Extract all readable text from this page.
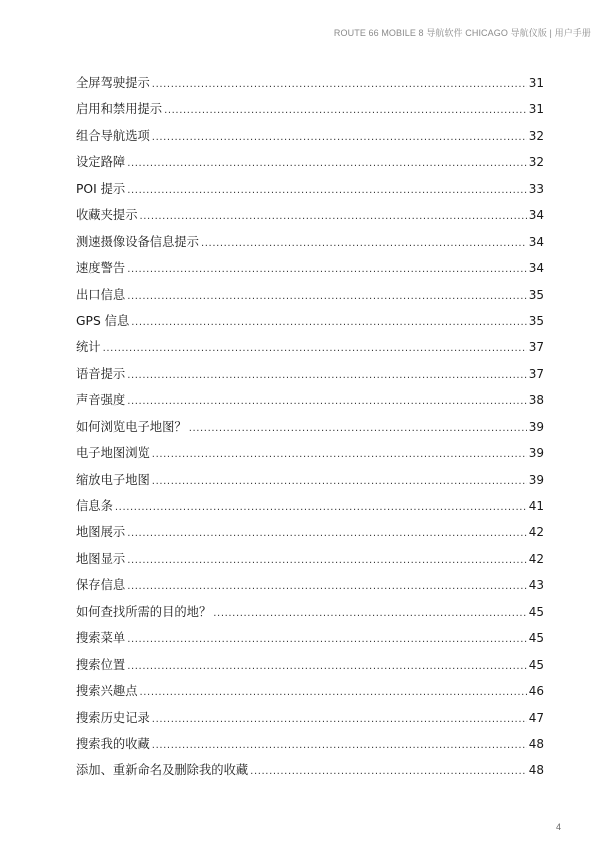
ROUTE 66 MOBILE 8 导航软件 CHICAGO 导航仪版 | 用户手册
全屏驾驶提示 .....	31
启用和禁用提示 .....	31
组合导航选项 .....	32
设定路障 .....	32
POI 提示 .....	33
收藏夹提示 .....	34
测速摄像设备信息提示 .....	34
速度警告 .....	34
出口信息 .....	35
GPS 信息 .....	35
统计 .....	37
语音提示 .....	37
声音强度 .....	38
如何浏览电子地图？ .....	39
电子地图浏览 .....	39
缩放电子地图 .....	39
信息条 .....	41
地图展示 .....	42
地图显示 .....	42
保存信息 .....	43
如何查找所需的目的地？ .....	45
搜索菜单 .....	45
搜索位置 .....	45
搜索兴趣点 .....	46
搜索历史记录 .....	47
搜索我的收藏 .....	48
添加、重新命名及删除我的收藏 .....	48
4
